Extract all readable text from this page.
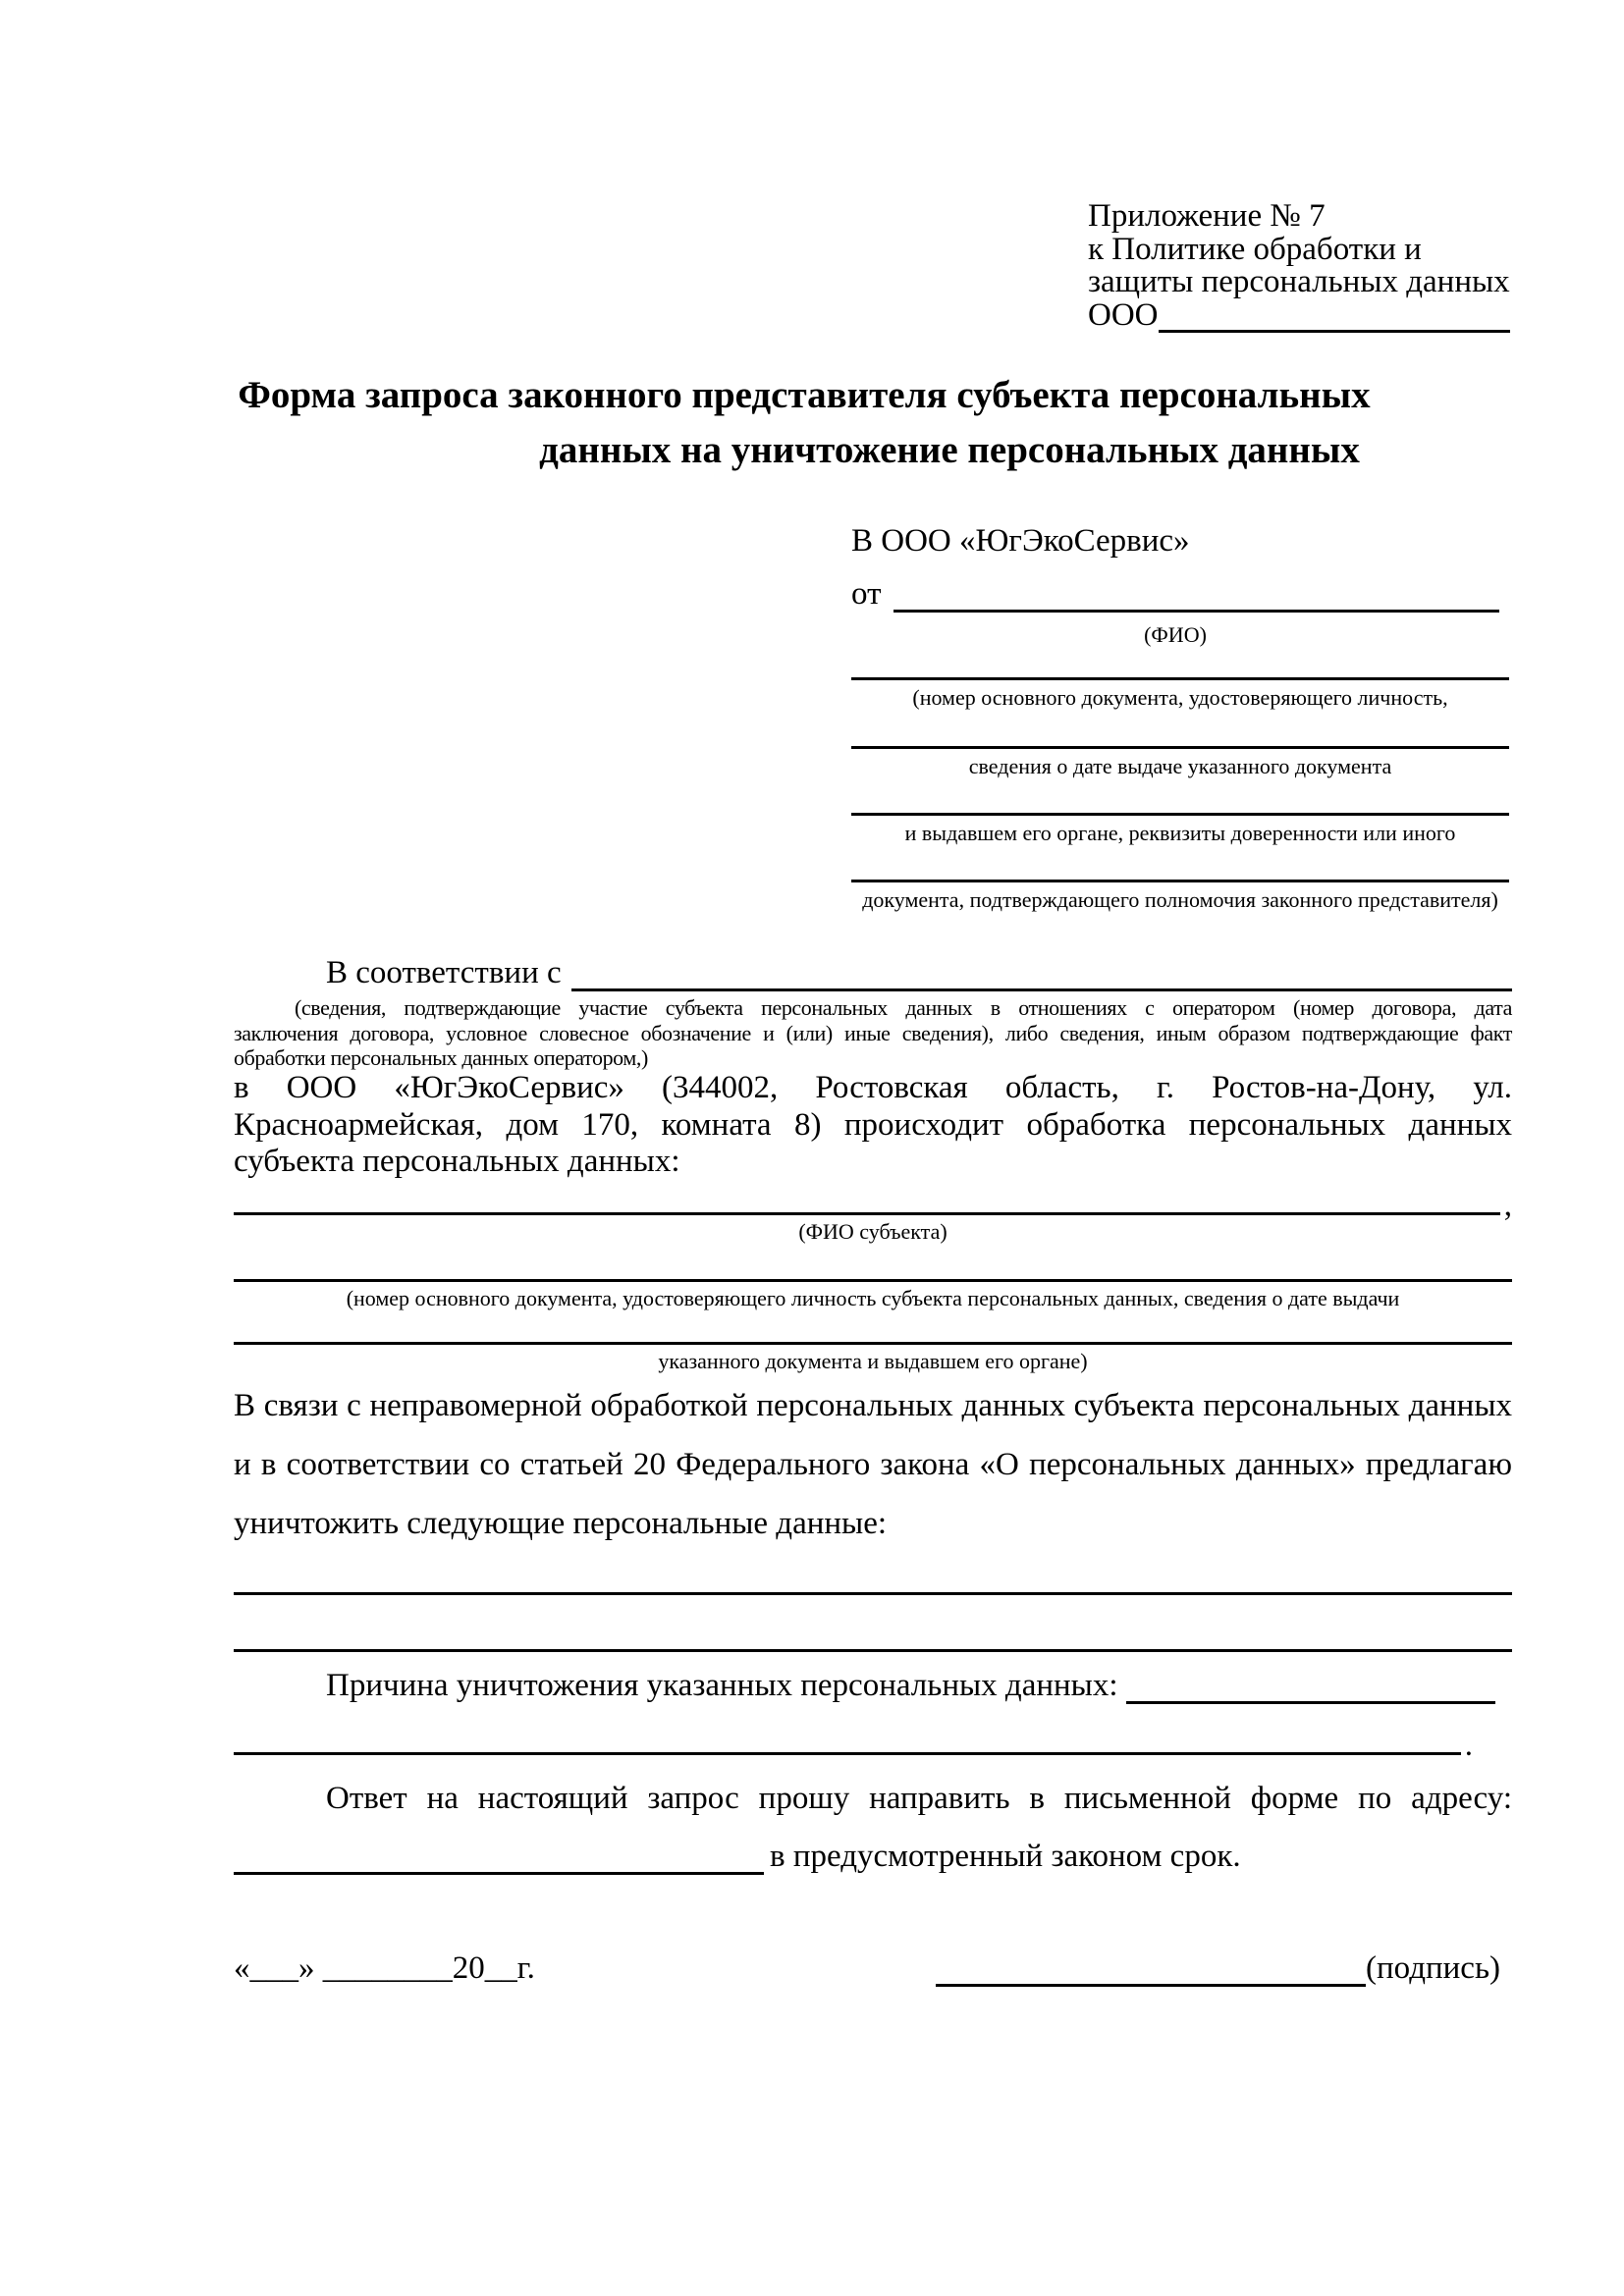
Приложение № 7
к Политике обработки и
защиты персональных данных
ООО
Форма запроса законного представителя субъекта персональных
данных на уничтожение персональных данных
В ООО «ЮгЭкоСервис»
от
(ФИО)
(номер основного документа, удостоверяющего личность,
сведения о дате выдаче указанного документа
и выдавшем его органе, реквизиты доверенности или иного
документа, подтверждающего полномочия законного представителя)
В соответствии с
(сведения, подтверждающие участие субъекта персональных данных в отношениях с оператором (номер договора, дата
заключения договора, условное словесное обозначение и (или) иные сведения), либо сведения, иным образом подтверждающие факт
обработки персональных данных оператором,)
в ООО «ЮгЭкоСервис» (344002, Ростовская область, г. Ростов-на-Дону, ул.
Красноармейская, дом 170, комната 8) происходит обработка персональных данных
субъекта персональных данных:
,
(ФИО субъекта)
(номер основного документа, удостоверяющего личность субъекта персональных данных, сведения о дате выдачи
указанного документа и выдавшем его органе)
В связи с неправомерной обработкой персональных данных субъекта персональных данных
и в соответствии со статьей 20 Федерального закона «О персональных данных» предлагаю
уничтожить следующие персональные данные:
Причина уничтожения указанных персональных данных:
.
Ответ на настоящий запрос прошу направить в письменной форме по адресу:
в предусмотренный законом срок.
«___» ________20__г.	(подпись)
